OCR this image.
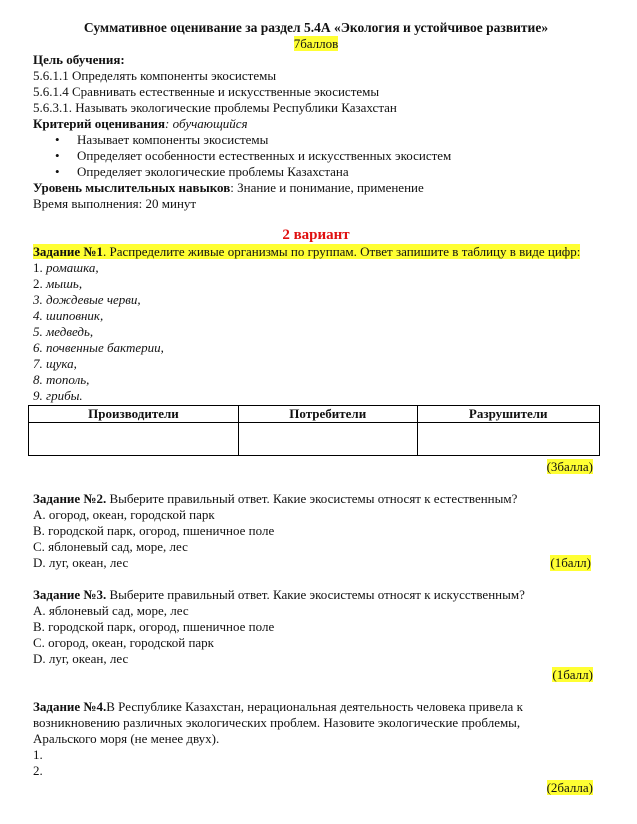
Суммативное оценивание за раздел 5.4А «Экология и устойчивое развитие»
7баллов
Цель обучения:
5.6.1.1 Определять компоненты экосистемы
5.6.1.4 Сравнивать естественные и искусственные экосистемы
5.6.3.1. Называть экологические проблемы Республики Казахстан
Критерий оценивания: обучающийся
• Называет компоненты экосистемы
• Определяет особенности естественных и искусственных экосистем
• Определяет экологические проблемы Казахстана
Уровень мыслительных навыков: Знание и понимание, применение
Время выполнения: 20 минут
2 вариант
Задание №1. Распределите живые организмы по группам. Ответ запишите в таблицу в виде цифр:
1. ромашка,
2. мышь,
3. дождевые черви,
4. шиповник,
5. медведь,
6. почвенные бактерии,
7. щука,
8. тополь,
9. грибы.
Производители	Потребители	Разрушители

(3балла)
Задание №2. Выберите правильный ответ. Какие экосистемы относят к естественным?
A. огород, океан, городской парк
B. городской парк, огород, пшеничное поле
C. яблоневый сад, море, лес
D. луг, океан, лес	(1балл)
Задание №3. Выберите правильный ответ. Какие экосистемы относят к искусственным?
A. яблоневый сад, море, лес
B. городской парк, огород, пшеничное поле
C. огород, океан, городской парк
D. луг, океан, лес
(1балл)
Задание №4.В Республике Казахстан, нерациональная деятельность человека привела к возникновению различных экологических проблем. Назовите экологические проблемы, Аральского моря (не менее двух).
1.
2.
(2балла)
